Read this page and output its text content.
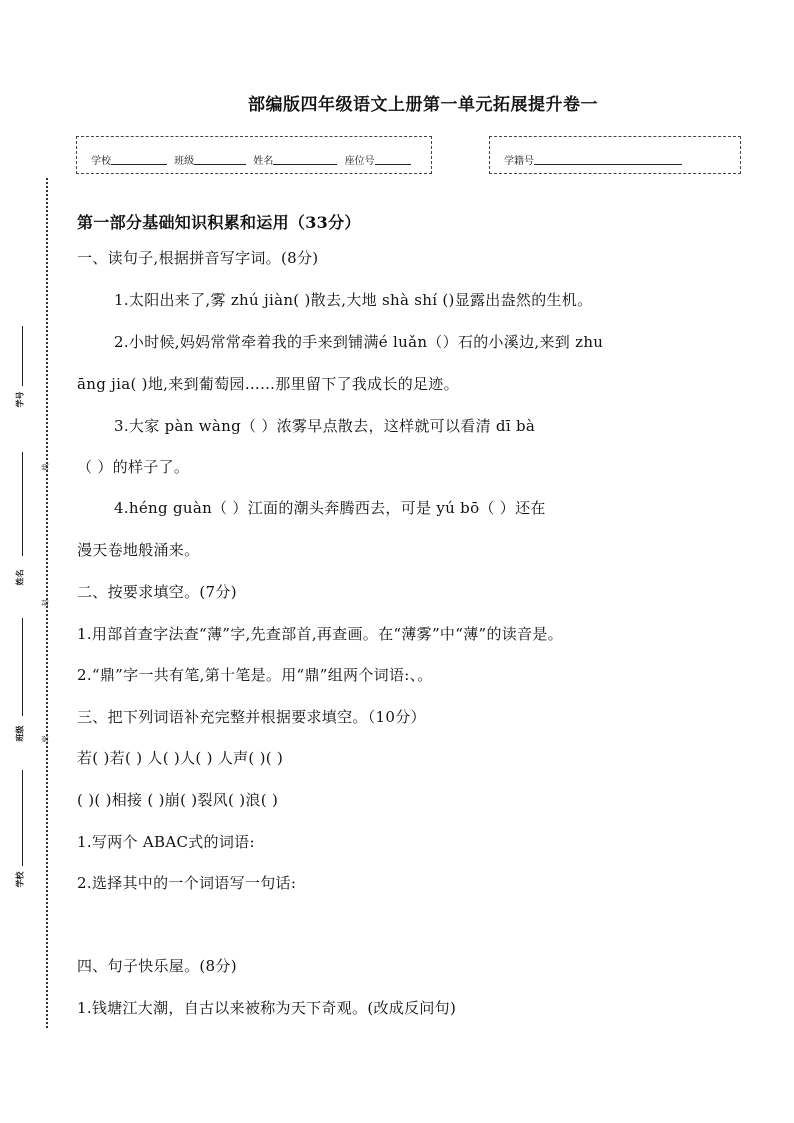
部编版四年级语文上册第一单元拓展提升卷一
学校	班级	姓名	座位号	学籍号
学号
姓名
班级
学校
线
封
密
第一部分基础知识积累和运用（33分）
一、读句子,根据拼音写字词。(8分)
1.太阳出来了,雾 zhú jiàn( )散去,大地 shà shí ()显露出盎然的生机。
2.小时候,妈妈常常牵着我的手来到铺满é luǎn（）石的小溪边,来到 zhu
āng jia( )地,来到葡萄园……那里留下了我成长的足迹。
3.大家 pàn wàng（ ）浓雾早点散去，这样就可以看清 dī bà
（ ）的样子了。
4.héng guàn（ ）江面的潮头奔腾西去，可是 yú bō（ ）还在
漫天卷地般涌来。
二、按要求填空。(7分)
1.用部首查字法查“薄”字,先查部首,再查画。在“薄雾”中“薄”的读音是。
2.“鼎”字一共有笔,第十笔是。用“鼎”组两个词语:、。
三、把下列词语补充完整并根据要求填空。（10分）
若( )若( ) 人( )人( ) 人声( )( )
( )( )相接 ( )崩( )裂风( )浪( )
1.写两个 ABAC式的词语:
2.选择其中的一个词语写一句话:
四、句子快乐屋。(8分)
1.钱塘江大潮，自古以来被称为天下奇观。(改成反问句)
